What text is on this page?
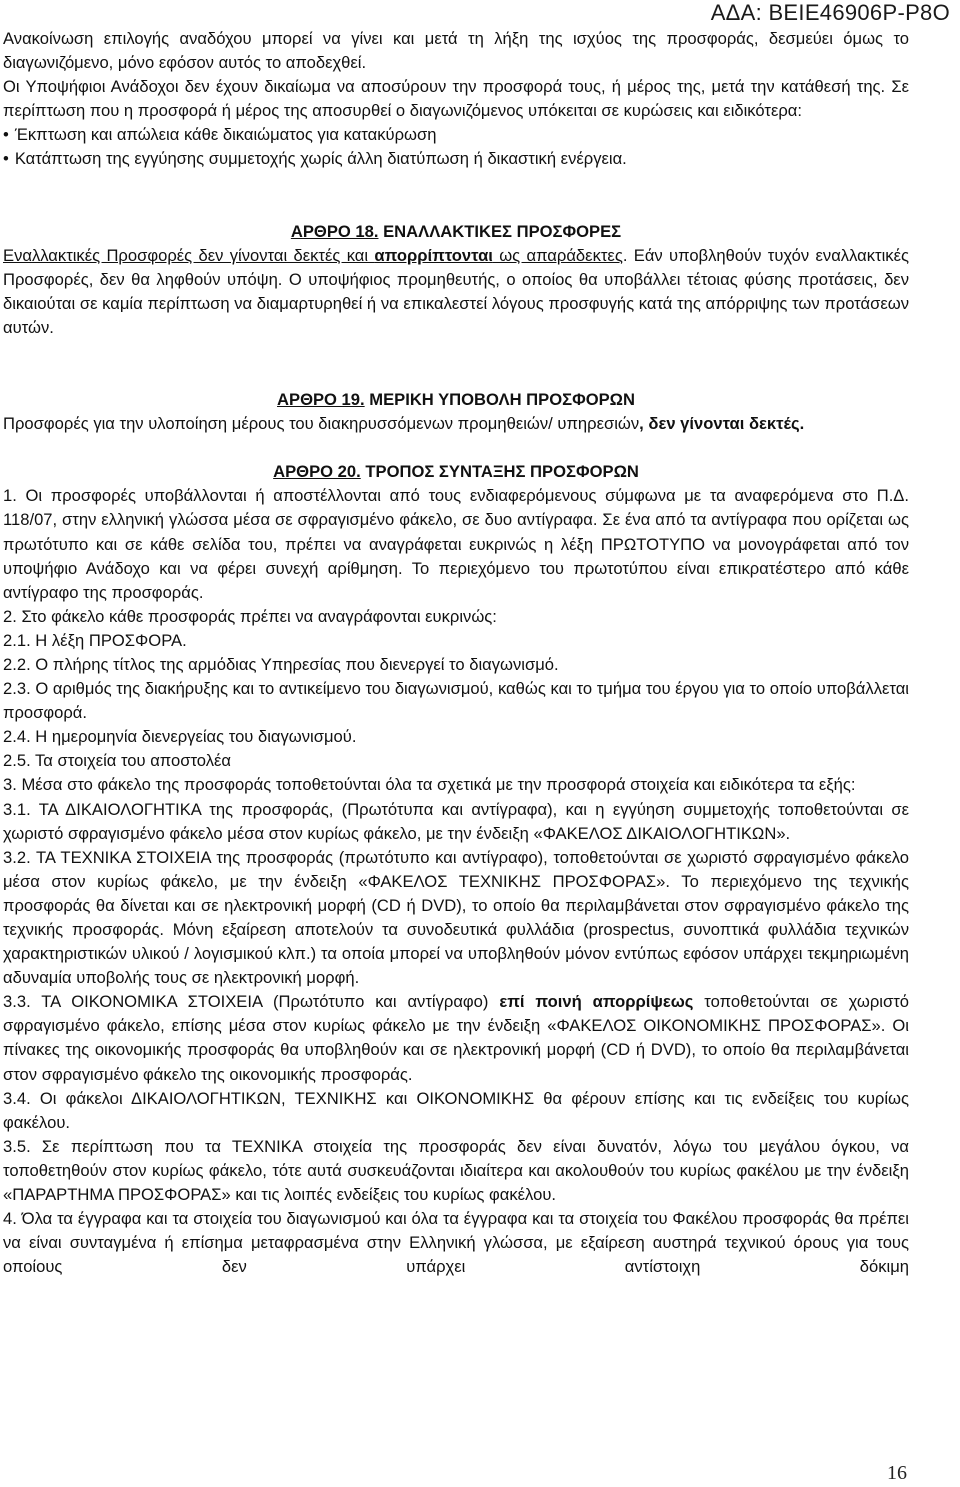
ΑΔΑ: ΒΕΙΕ46906Ρ-Ρ8Ο

Ανακοίνωση επιλογής αναδόχου μπορεί να γίνει και μετά τη λήξη της ισχύος της προσφοράς, δεσμεύει όμως το διαγωνιζόμενο, μόνο εφόσον αυτός το αποδεχθεί.

Οι Υποψήφιοι Ανάδοχοι δεν έχουν δικαίωμα να αποσύρουν την προσφορά τους, ή μέρος της, μετά την κατάθεσή της. Σε περίπτωση που η προσφορά ή μέρος της αποσυρθεί ο διαγωνιζόμενος υπόκειται σε κυρώσεις και ειδικότερα:

• Έκπτωση και απώλεια κάθε δικαιώματος για κατακύρωση

• Κατάπτωση της εγγύησης συμμετοχής χωρίς άλλη διατύπωση ή δικαστική ενέργεια.

ΑΡΘΡΟ 18. ΕΝΑΛΛΑΚΤΙΚΕΣ ΠΡΟΣΦΟΡΕΣ

Εναλλακτικές Προσφορές δεν γίνονται δεκτές και απορρίπτονται ως απαράδεκτες. Εάν υποβληθούν τυχόν εναλλακτικές Προσφορές, δεν θα ληφθούν υπόψη. Ο υποψήφιος προμηθευτής, ο οποίος θα υποβάλλει τέτοιας φύσης προτάσεις, δεν δικαιούται σε καμία περίπτωση να διαμαρτυρηθεί ή να επικαλεστεί λόγους προσφυγής κατά της απόρριψης των προτάσεων αυτών.

ΑΡΘΡΟ 19. ΜΕΡΙΚΗ ΥΠΟΒΟΛΗ ΠΡΟΣΦΟΡΩΝ

Προσφορές για την υλοποίηση μέρους του διακηρυσσόμενων προμηθειών/ υπηρεσιών, δεν γίνονται δεκτές.

ΑΡΘΡΟ 20. ΤΡΟΠΟΣ ΣΥΝΤΑΞΗΣ ΠΡΟΣΦΟΡΩΝ

1. Οι προσφορές υποβάλλονται ή αποστέλλονται από τους ενδιαφερόμενους σύμφωνα με τα αναφερόμενα στο Π.Δ. 118/07, στην ελληνική γλώσσα μέσα σε σφραγισμένο φάκελο, σε δυο αντίγραφα. Σε ένα από τα αντίγραφα που ορίζεται ως πρωτότυπο και σε κάθε σελίδα του, πρέπει να αναγράφεται ευκρινώς η λέξη ΠΡΩΤΟΤΥΠΟ να μονογράφεται από τον υποψήφιο Ανάδοχο και να φέρει συνεχή αρίθμηση. Το περιεχόμενο του πρωτοτύπου είναι επικρατέστερο από κάθε αντίγραφο της προσφοράς.

2. Στο φάκελο κάθε προσφοράς πρέπει να αναγράφονται ευκρινώς:

2.1. Η λέξη ΠΡΟΣΦΟΡΑ.

2.2. Ο πλήρης τίτλος της αρμόδιας Υπηρεσίας που διενεργεί το διαγωνισμό.

2.3. Ο αριθμός της διακήρυξης και το αντικείμενο του διαγωνισμού, καθώς και το τμήμα του έργου για το οποίο υποβάλλεται προσφορά.

2.4. Η ημερομηνία διενεργείας του διαγωνισμού.

2.5. Τα στοιχεία του αποστολέα

3. Μέσα στο φάκελο της προσφοράς τοποθετούνται όλα τα σχετικά με την προσφορά στοιχεία και ειδικότερα τα εξής:

3.1. ΤΑ ΔΙΚΑΙΟΛΟΓΗΤΙΚΑ της προσφοράς, (Πρωτότυπα και αντίγραφα), και η εγγύηση συμμετοχής τοποθετούνται σε χωριστό σφραγισμένο φάκελο μέσα στον κυρίως φάκελο, με την ένδειξη «ΦΑΚΕΛΟΣ ΔΙΚΑΙΟΛΟΓΗΤΙΚΩΝ».

3.2. ΤΑ ΤΕΧΝΙΚΑ ΣΤΟΙΧΕΙΑ της προσφοράς (πρωτότυπο και αντίγραφο), τοποθετούνται σε χωριστό σφραγισμένο φάκελο μέσα στον κυρίως φάκελο, με την ένδειξη «ΦΑΚΕΛΟΣ ΤΕΧΝΙΚΗΣ ΠΡΟΣΦΟΡΑΣ». Το περιεχόμενο της τεχνικής προσφοράς θα δίνεται και σε ηλεκτρονική μορφή (CD ή DVD), το οποίο θα περιλαμβάνεται στον σφραγισμένο φάκελο της τεχνικής προσφοράς. Μόνη εξαίρεση αποτελούν τα συνοδευτικά φυλλάδια (prospectus, συνοπτικά φυλλάδια τεχνικών χαρακτηριστικών υλικού / λογισμικού κλπ.) τα οποία μπορεί να υποβληθούν μόνον εντύπως εφόσον υπάρχει τεκμηριωμένη αδυναμία υποβολής τους σε ηλεκτρονική μορφή.

3.3. ΤΑ ΟΙΚΟΝΟΜΙΚΑ ΣΤΟΙΧΕΙΑ (Πρωτότυπο και αντίγραφο) επί ποινή απορρίψεως τοποθετούνται σε χωριστό σφραγισμένο φάκελο, επίσης μέσα στον κυρίως φάκελο με την ένδειξη «ΦΑΚΕΛΟΣ ΟΙΚΟΝΟΜΙΚΗΣ ΠΡΟΣΦΟΡΑΣ». Οι πίνακες της οικονομικής προσφοράς θα υποβληθούν και σε ηλεκτρονική μορφή (CD ή DVD), το οποίο θα περιλαμβάνεται στον σφραγισμένο φάκελο της οικονομικής προσφοράς.

3.4. Οι φάκελοι ΔΙΚΑΙΟΛΟΓΗΤΙΚΩΝ, ΤΕΧΝΙΚΗΣ και ΟΙΚΟΝΟΜΙΚΗΣ θα φέρουν επίσης και τις ενδείξεις του κυρίως φακέλου.

3.5. Σε περίπτωση που τα ΤΕΧΝΙΚΑ στοιχεία της προσφοράς δεν είναι δυνατόν, λόγω του μεγάλου όγκου, να τοποθετηθούν στον κυρίως φάκελο, τότε αυτά συσκευάζονται ιδιαίτερα και ακολουθούν του κυρίως φακέλου με την ένδειξη «ΠΑΡΑΡΤΗΜΑ ΠΡΟΣΦΟΡΑΣ» και τις λοιπές ενδείξεις του κυρίως φακέλου.

4. Όλα τα έγγραφα και τα στοιχεία του διαγωνισμού και όλα τα έγγραφα και τα στοιχεία του Φακέλου προσφοράς θα πρέπει να είναι συνταγμένα ή επίσημα μεταφρασμένα στην Ελληνική γλώσσα, με εξαίρεση αυστηρά τεχνικού όρους για τους οποίους δεν υπάρχει αντίστοιχη δόκιμη

16
